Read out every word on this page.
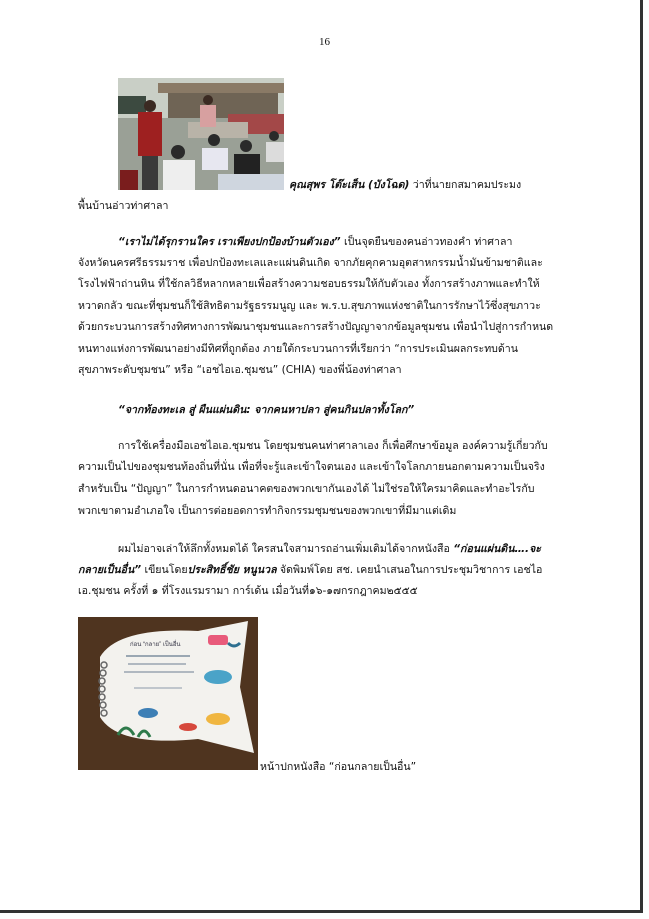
16
คุณสุพร โต๊ะเส็น (บังโฉด) ว่าที่นายกสมาคมประมง
พื้นบ้านอ่าวท่าศาลา
“เราไม่ได้รุกรานใคร เราเพียงปกป้องบ้านตัวเอง” เป็นจุดยืนของคนอ่าวทองคำ ท่าศาลา
จังหวัดนครศรีธรรมราช เพื่อปกป้องทะเลและแผ่นดินเกิด จากภัยคุกคามอุตสาหกรรมน้ำมันข้ามชาติและ
โรงไฟฟ้าถ่านหิน ที่ใช้กลวิธีหลากหลายเพื่อสร้างความชอบธรรมให้กับตัวเอง ทั้งการสร้างภาพและทำให้
หวาดกลัว ขณะที่ชุมชนก็ใช้สิทธิตามรัฐธรรมนูญ และ พ.ร.บ.สุขภาพแห่งชาติในการรักษาไว้ซึ่งสุขภาวะ
ด้วยกระบวนการสร้างทิศทางการพัฒนาชุมชนและการสร้างปัญญาจากข้อมูลชุมชน เพื่อนำไปสู่การกำหนด
หนทางแห่งการพัฒนาอย่างมีทิศที่ถูกต้อง ภายใต้กระบวนการที่เรียกว่า “การประเมินผลกระทบด้าน
สุขภาพระดับชุมชน” หรือ “เอชไอเอ.ชุมชน” (CHIA) ของพี่น้องท่าศาลา
“จากท้องทะเล สู่ ผืนแผ่นดิน: จากคนหาปลา สู่คนกินปลาทั้งโลก”
การใช้เครื่องมือเอชไอเอ.ชุมชน โดยชุมชนคนท่าศาลาเอง ก็เพื่อศึกษาข้อมูล องค์ความรู้เกี่ยวกับ
ความเป็นไปของชุมชนท้องถิ่นที่นั่น เพื่อที่จะรู้และเข้าใจตนเอง และเข้าใจโลกภายนอกตามความเป็นจริง
สำหรับเป็น “ปัญญา” ในการกำหนดอนาคตของพวกเขากันเองได้ ไม่ใช่รอให้ใครมาคิดและทำอะไรกับ
พวกเขาตามอำเภอใจ เป็นการต่อยอดการทำกิจกรรมชุมชนของพวกเขาที่มีมาแต่เดิม
ผมไม่อาจเล่าให้ลึกทั้งหมดได้ ใครสนใจสามารถอ่านเพิ่มเติมได้จากหนังสือ “ก่อนแผ่นดิน….จะ
กลายเป็นอื่น” เขียนโดยประสิทธิ์ชัย หนูนวล จัดพิมพ์โดย สช. เคยนำเสนอในการประชุมวิชาการ เอชไอ
เอ.ชุมชน ครั้งที่ ๑ ที่โรงแรมรามา การ์เด้น เมื่อวันที่๑๖-๑๗กรกฎาคม๒๕๕๕
ก่อน “กลาย” เป็นอื่น
หน้าปกหนังสือ “ก่อนกลายเป็นอื่น”
